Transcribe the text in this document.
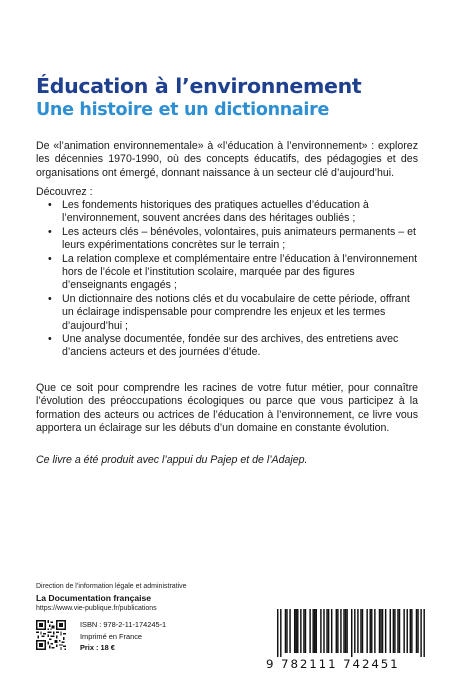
Éducation à l’environnement
Une histoire et un dictionnaire
De «l’animation environnementale» à «l’éducation à l’environnement» : explorez les décennies 1970-1990, où des concepts éducatifs, des pédagogies et des organisations ont émergé, donnant naissance à un secteur clé d’aujourd’hui.
Découvrez :
• Les fondements historiques des pratiques actuelles d’éducation à l’environnement, souvent ancrées dans des héritages oubliés ;
• Les acteurs clés – bénévoles, volontaires, puis animateurs permanents – et leurs expérimentations concrètes sur le terrain ;
• La relation complexe et complémentaire entre l’éducation à l’environnement hors de l’école et l’institution scolaire, marquée par des figures d’enseignants engagés ;
• Un dictionnaire des notions clés et du vocabulaire de cette période, offrant un éclairage indispensable pour comprendre les enjeux et les termes d’aujourd’hui ;
• Une analyse documentée, fondée sur des archives, des entretiens avec d’anciens acteurs et des journées d’étude.
Que ce soit pour comprendre les racines de votre futur métier, pour connaître l’évolution des préoccupations écologiques ou parce que vous participez à la formation des acteurs ou actrices de l’éducation à l’environnement, ce livre vous apportera un éclairage sur les débuts d’un domaine en constante évolution.
Ce livre a été produit avec l’appui du Pajep et de l’Adajep.
Direction de l’information légale et administrative
La Documentation française
https://www.vie-publique.fr/publications
ISBN : 978-2-11-174245-1
Imprimé en France
Prix : 18 €
9 782111 742451
